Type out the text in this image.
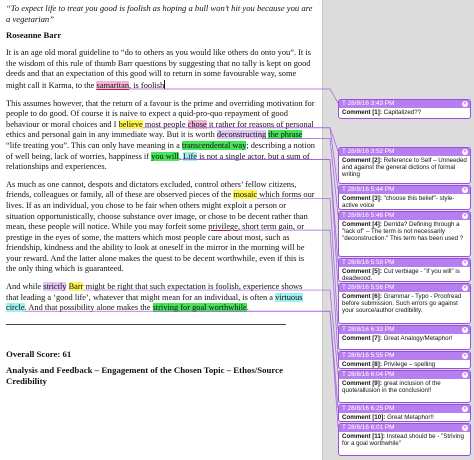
“To expect life to treat you good is foolish as hoping a bull won’t hit you because you are a vegetarian”

Roseanne Barr

It is an age old moral guideline to “do to others as you would like others do onto you”. It is the wisdom of this rule of thumb Barr questions by suggesting that no tally is kept on good deeds and that an expectation of this good will to return in some favourable way, some might call it Karma, to the samaritan, is foolish

This assumes however, that the return of a favour is the prime and overriding motivation for people to do good. Of course it is naive to expect a quid-pro-quo repayment of good behaviour or moral choices and I believe most people chose it rather for reasons of personal ethics and personal gain in any immediate way. But it is worth deconstructing the phrase “life treating you”. This can only have meaning in a transcendental way; describing a notion of well being, lack of worries, happiness if you will. Life is not a single actor, but a sum of relationships and experiences.

As much as one cannot, despots and dictators excluded, control others’ fellow citizens, friends, colleagues or family, all of these are observed pieces of the mosaic which forms our lives. If as an individual, you chose to be fair when others might exploit a person or situation opportunistically, choose substance over image, or chose to be decent rather than mean, these people will notice. While you may forfeit some privilege, short term gain, or prestige in the eyes of some, the matters which most people care about most, such as friendship, kindness and the ability to look at oneself in the mirror in the morning will be your reward. And the latter alone makes the quest to be decent worthwhile, even if this is the only thing which is guaranteed.

And while strictly Barr might be right that such expectation is foolish, experience shows that leading a ‘good life’, whatever that might mean for an individual, is often a virtuous circle. And that possibility alone makes the striving for goal worthwhile.

Overall Score: 61

Analysis and Feedback – Engagement of the Chosen Topic – Ethos/Source Credibility

T 28/8/16 3:43 PM	×
Comment [1]: Capitalized??
T 28/8/16 3:52 PM	×
Comment [2]: Reference to Self – Unneeded and against the general dictions of formal writing
T 28/8/16 5:44 PM	×
Comment [3]: "choose this belief"- style- active voice
T 28/8/16 5:46 PM	×
Comment [4]: Derrida? Defining through a "lack of" – The term is not necessarily "deconstruction." This term has been used ?
T 28/8/16 5:59 PM	×
Comment [5]: Cut verbiage - "if you will" is deadwood.
T 28/8/16 5:56 PM	×
Comment [6]: Grammar - Typo - Proofread before submission. Such errors go against your source/author credibility.
T 28/8/16 6:33 PM	×
Comment [7]: Great Analogy/Metaphor!
T 28/8/16 5:55 PM	×
Comment [8]: Privilege – spelling
T 28/8/16 6:04 PM	×
Comment [9]: great inclusion of the quote/allusion in the conclusion!!
T 28/8/16 6:25 PM	×
Comment [10]: Great Metaphor!!
T 28/8/16 6:01 PM	×
Comment [11]: Instead should be - "Striving for a goal worthwhile"
